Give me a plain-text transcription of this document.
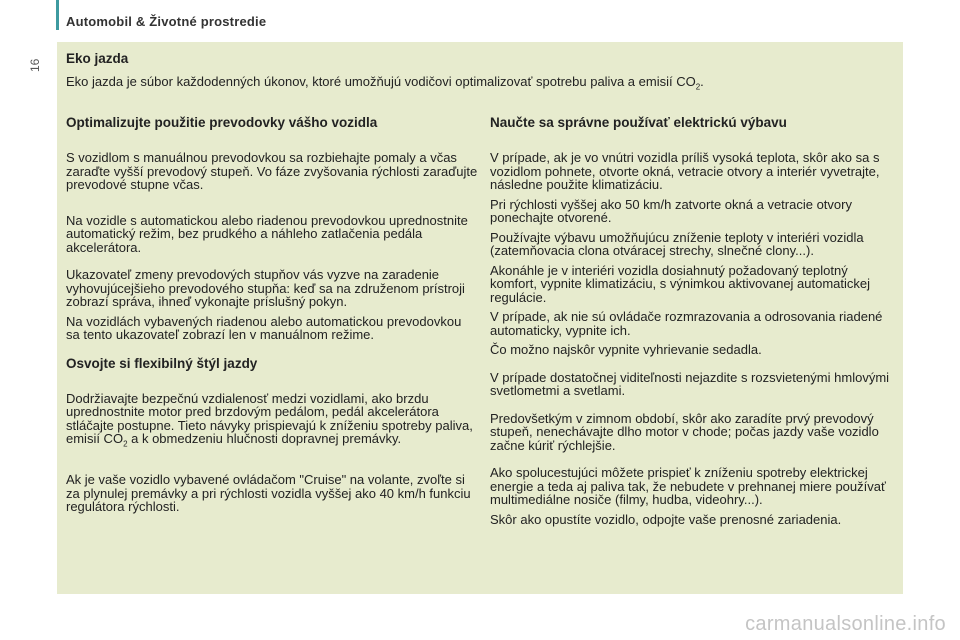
16
Automobil & Životné prostredie
Eko jazda
Eko jazda je súbor každodenných úkonov, ktoré umožňujú vodičovi optimalizovať spotrebu paliva a emisií $CO_2$.
Optimalizujte použitie prevodovky vášho vozidla

S vozidlom s manuálnou prevodovkou sa rozbiehajte pomaly a včas zaraďte vyšší prevodový stupeň. Vo fáze zvyšovania rýchlosti zaraďujte prevodové stupne včas.

Na vozidle s automatickou alebo riadenou prevodovkou uprednostnite automatický režim, bez prudkého a náhleho zatlačenia pedála akcelerátora.

Ukazovateľ zmeny prevodových stupňov vás vyzve na zaradenie vyhovujúcejšieho prevodového stupňa: keď sa na združenom prístroji zobrazí správa, ihneď vykonajte príslušný pokyn.

Na vozidlách vybavených riadenou alebo automatickou prevodovkou sa tento ukazovateľ zobrazí len v manuálnom režime.

Osvojte si flexibilný štýl jazdy

Dodržiavajte bezpečnú vzdialenosť medzi vozidlami, ako brzdu uprednostnite motor pred brzdovým pedálom, pedál akcelerátora stláčajte postupne. Tieto návyky prispievajú k zníženiu spotreby paliva, emisií $CO_2$ a k obmedzeniu hlučnosti dopravnej premávky.

Ak je vaše vozidlo vybavené ovládačom "Cruise" na volante, zvoľte si za plynulej premávky a pri rýchlosti vozidla vyššej ako 40 km/h funkciu regulátora rýchlosti.

Naučte sa správne používať elektrickú výbavu

V prípade, ak je vo vnútri vozidla príliš vysoká teplota, skôr ako sa s vozidlom pohnete, otvorte okná, vetracie otvory a interiér vyvetrajte, následne použite klimatizáciu.

Pri rýchlosti vyššej ako 50 km/h zatvorte okná a vetracie otvory ponechajte otvorené.

Používajte výbavu umožňujúcu zníženie teploty v interiéri vozidla (zatemňovacia clona otváracej strechy, slnečné clony...).

Akonáhle je v interiéri vozidla dosiahnutý požadovaný teplotný komfort, vypnite klimatizáciu, s výnimkou aktivovanej automatickej regulácie.

V prípade, ak nie sú ovládače rozmrazovania a odrosovania riadené automaticky, vypnite ich.

Čo možno najskôr vypnite vyhrievanie sedadla.

V prípade dostatočnej viditeľnosti nejazdite s rozsvietenými hmlovými svetlometmi a svetlami.

Predovšetkým v zimnom období, skôr ako zaradíte prvý prevodový stupeň, nenechávajte dlho motor v chode; počas jazdy vaše vozidlo začne kúriť rýchlejšie.

Ako spolucestujúci môžete prispieť k zníženiu spotreby elektrickej energie a teda aj paliva tak, že nebudete v prehnanej miere používať multimediálne nosiče (filmy, hudba, videohry...).

Skôr ako opustíte vozidlo, odpojte vaše prenosné zariadenia.

carmanualsonline.info
